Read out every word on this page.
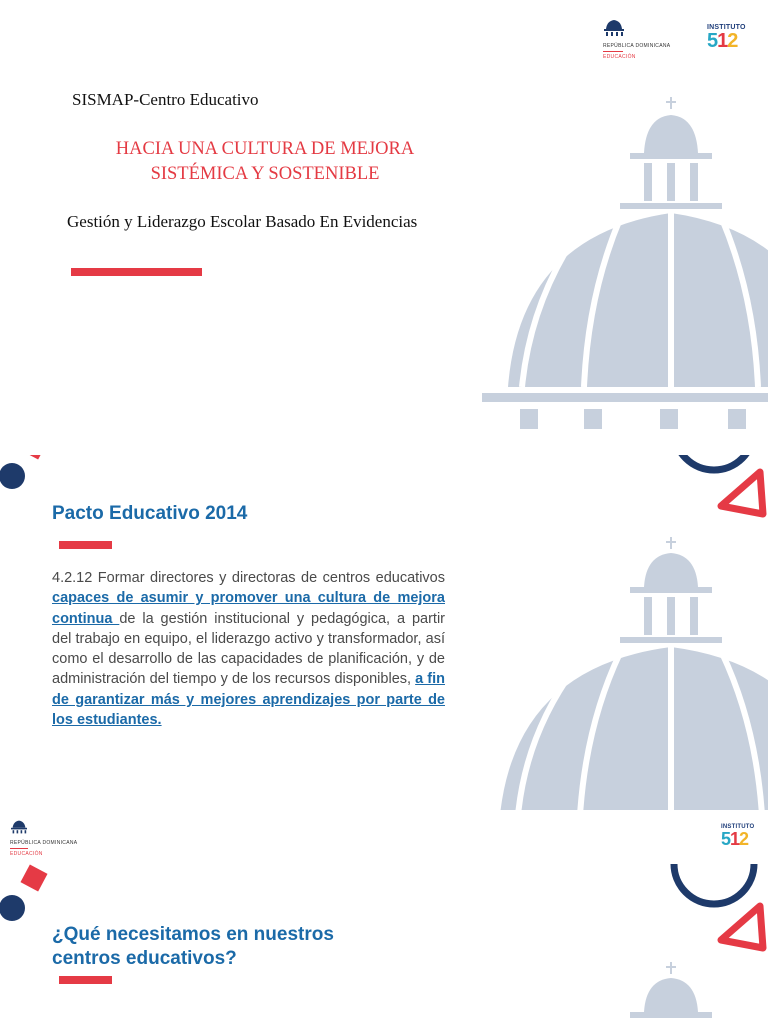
REPÚBLICA DOMINICANA
EDUCACIÓN
INSTITUTO
512
SISMAP-Centro Educativo
HACIA UNA CULTURA DE MEJORA
SISTÉMICA Y SOSTENIBLE
Gestión y Liderazgo Escolar Basado En Evidencias
Pacto Educativo 2014
4.2.12 Formar directores y directoras de centros educativos capaces de asumir y promover una cultura de mejora continua de la gestión institucional y pedagógica, a partir del trabajo en equipo, el liderazgo activo y transformador, así como el desarrollo de las capacidades de planificación, y de administración del tiempo y de los recursos disponibles, a fin de garantizar más y mejores aprendizajes por parte de los estudiantes.
REPÚBLICA DOMINICANA
EDUCACIÓN
INSTITUTO
512
¿Qué necesitamos en nuestros
centros educativos?
